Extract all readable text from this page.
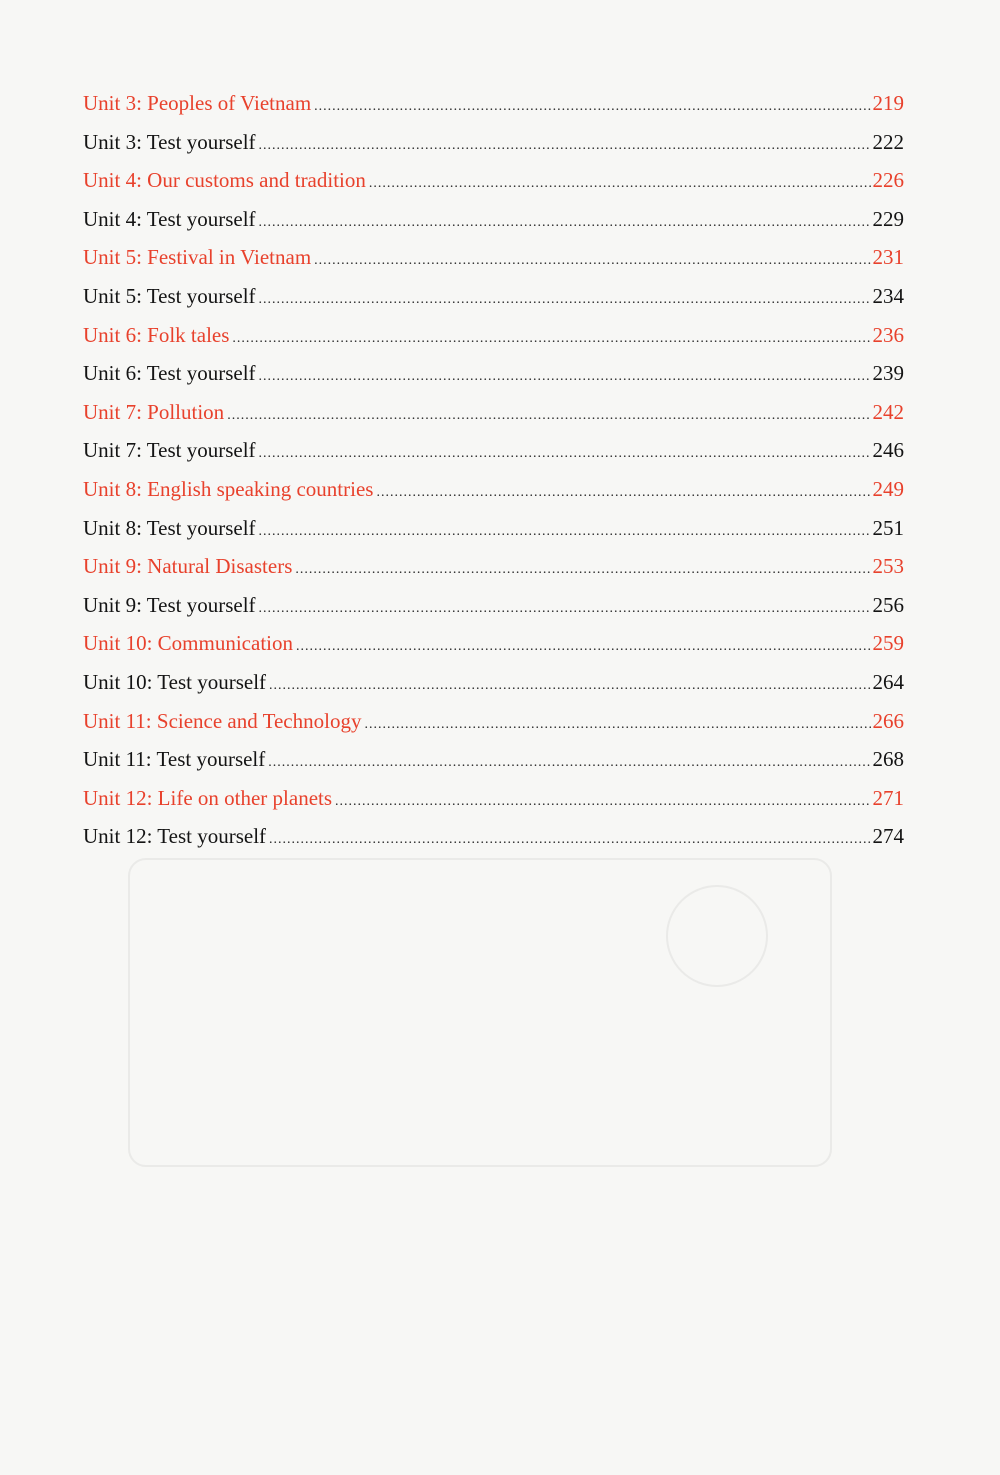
Unit 3: Peoples of Vietnam .....	219
Unit 3: Test yourself .....	222
Unit 4: Our customs and tradition .....	226
Unit 4: Test yourself .....	229
Unit 5: Festival in Vietnam .....	231
Unit 5: Test yourself .....	234
Unit 6: Folk tales .....	236
Unit 6: Test yourself .....	239
Unit 7: Pollution .....	242
Unit 7: Test yourself .....	246
Unit 8: English speaking countries .....	249
Unit 8: Test yourself .....	251
Unit 9: Natural Disasters .....	253
Unit 9: Test yourself .....	256
Unit 10: Communication .....	259
Unit 10: Test yourself .....	264
Unit 11: Science and Technology .....	266
Unit 11: Test yourself .....	268
Unit 12: Life on other planets .....	271
Unit 12: Test yourself .....	274
